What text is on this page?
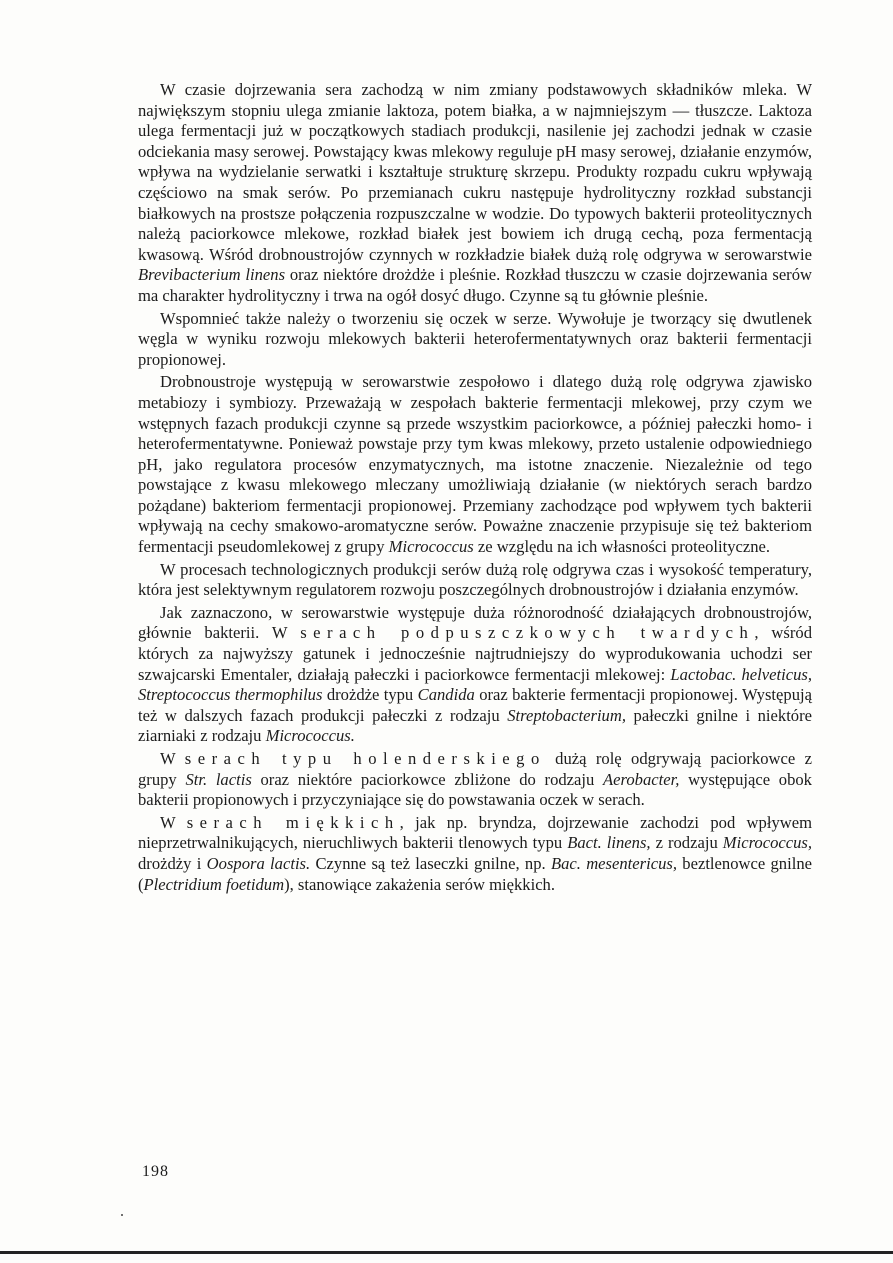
W czasie dojrzewania sera zachodzą w nim zmiany podstawowych składników mleka. W największym stopniu ulega zmianie laktoza, potem białka, a w najmniejszym — tłuszcze. Laktoza ulega fermentacji już w początkowych stadiach produkcji, nasilenie jej zachodzi jednak w czasie odciekania masy serowej. Powstający kwas mlekowy reguluje pH masy serowej, działanie enzymów, wpływa na wydzielanie serwatki i kształtuje strukturę skrzepu. Produkty rozpadu cukru wpływają częściowo na smak serów. Po przemianach cukru następuje hydrolityczny rozkład substancji białkowych na prostsze połączenia rozpuszczalne w wodzie. Do typowych bakterii proteolitycznych należą paciorkowce mlekowe, rozkład białek jest bowiem ich drugą cechą, poza fermentacją kwasową. Wśród drobnoustrojów czynnych w rozkładzie białek dużą rolę odgrywa w serowarstwie Brevibacterium linens oraz niektóre drożdże i pleśnie. Rozkład tłuszczu w czasie dojrzewania serów ma charakter hydrolityczny i trwa na ogół dosyć długo. Czynne są tu głównie pleśnie.

Wspomnieć także należy o tworzeniu się oczek w serze. Wywołuje je tworzący się dwutlenek węgla w wyniku rozwoju mlekowych bakterii heterofermentatywnych oraz bakterii fermentacji propionowej.

Drobnoustroje występują w serowarstwie zespołowo i dlatego dużą rolę odgrywa zjawisko metabiozy i symbiozy. Przeważają w zespołach bakterie fermentacji mlekowej, przy czym we wstępnych fazach produkcji czynne są przede wszystkim paciorkowce, a później pałeczki homo- i heterofermentatywne. Ponieważ powstaje przy tym kwas mlekowy, przeto ustalenie odpowiedniego pH, jako regulatora procesów enzymatycznych, ma istotne znaczenie. Niezależnie od tego powstające z kwasu mlekowego mleczany umożliwiają działanie (w niektórych serach bardzo pożądane) bakteriom fermentacji propionowej. Przemiany zachodzące pod wpływem tych bakterii wpływają na cechy smakowo-aromatyczne serów. Poważne znaczenie przypisuje się też bakteriom fermentacji pseudomlekowej z grupy Micrococcus ze względu na ich własności proteolityczne.

W procesach technologicznych produkcji serów dużą rolę odgrywa czas i wysokość temperatury, która jest selektywnym regulatorem rozwoju poszczególnych drobnoustrojów i działania enzymów.

Jak zaznaczono, w serowarstwie występuje duża różnorodność działających drobnoustrojów, głównie bakterii. W serach podpuszczkowych twardych, wśród których za najwyższy gatunek i jednocześnie najtrudniejszy do wyprodukowania uchodzi ser szwajcarski Ementaler, działają pałeczki i paciorkowce fermentacji mlekowej: Lactobac. helveticus, Streptococcus thermophilus drożdże typu Candida oraz bakterie fermentacji propionowej. Występują też w dalszych fazach produkcji pałeczki z rodzaju Streptobacterium, pałeczki gnilne i niektóre ziarniaki z rodzaju Micrococcus.

W serach typu holenderskiego dużą rolę odgrywają paciorkowce z grupy Str. lactis oraz niektóre paciorkowce zbliżone do rodzaju Aerobacter, występujące obok bakterii propionowych i przyczyniające się do powstawania oczek w serach.

W serach miękkich, jak np. bryndza, dojrzewanie zachodzi pod wpływem nieprzetrwalnikujących, nieruchliwych bakterii tlenowych typu Bact. linens, z rodzaju Micrococcus, drożdży i Oospora lactis. Czynne są też laseczki gnilne, np. Bac. mesentericus, beztlenowce gnilne (Plectridium foetidum), stanowiące zakażenia serów miękkich.

198
